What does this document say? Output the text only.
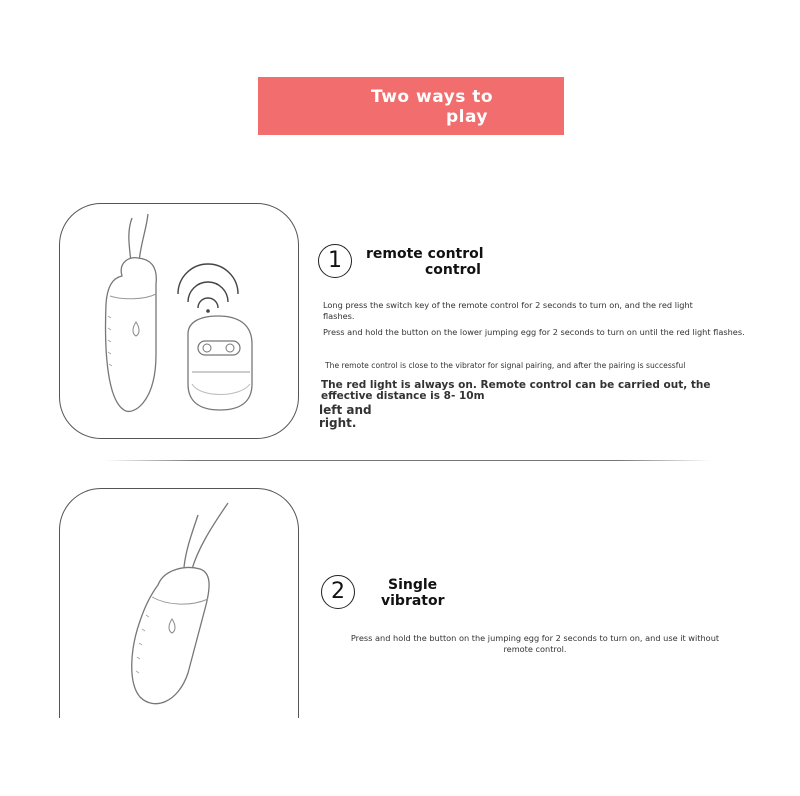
Two ways to
play
1	remote control
control
Long press the switch key of the remote control for 2 seconds to turn on, and the red light flashes.
Press and hold the button on the lower jumping egg for 2 seconds to turn on until the red light flashes.
The remote control is close to the vibrator for signal pairing, and after the pairing is successful
The red light is always on. Remote control can be carried out, the effective distance is 8- 10m
left and right.
2	Single
vibrator
Press and hold the button on the jumping egg for 2 seconds to turn on, and use it without remote control.
